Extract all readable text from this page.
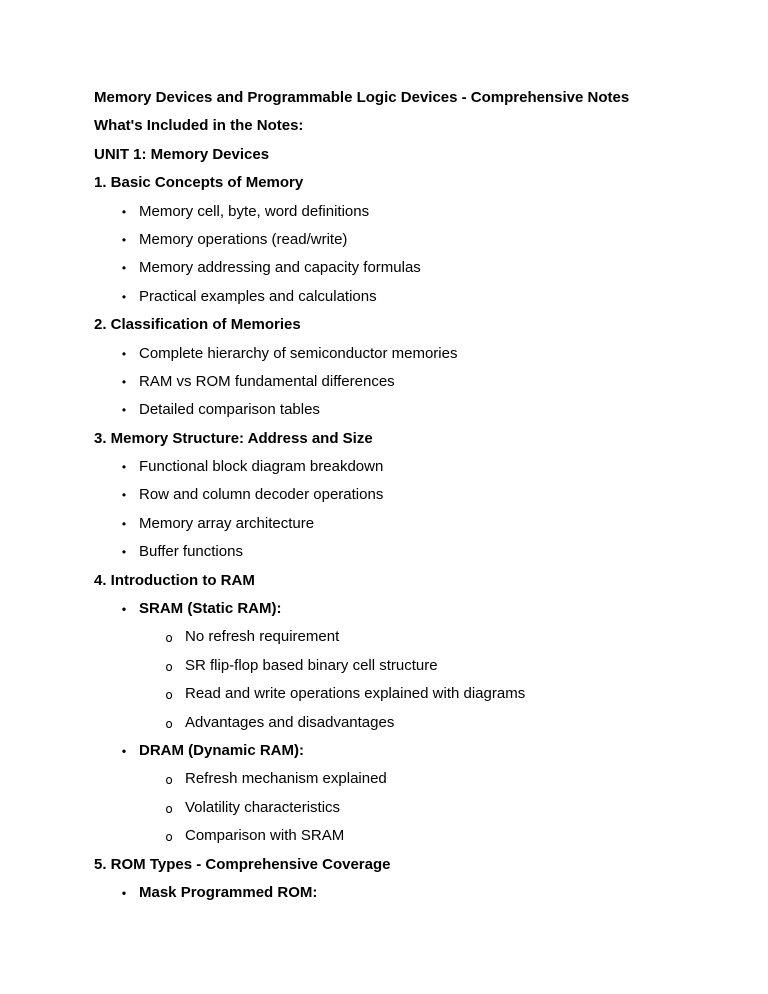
Memory Devices and Programmable Logic Devices - Comprehensive Notes
What's Included in the Notes:
UNIT 1: Memory Devices
1. Basic Concepts of Memory
• Memory cell, byte, word definitions
• Memory operations (read/write)
• Memory addressing and capacity formulas
• Practical examples and calculations
2. Classification of Memories
• Complete hierarchy of semiconductor memories
• RAM vs ROM fundamental differences
• Detailed comparison tables
3. Memory Structure: Address and Size
• Functional block diagram breakdown
• Row and column decoder operations
• Memory array architecture
• Buffer functions
4. Introduction to RAM
• SRAM (Static RAM):
o No refresh requirement
o SR flip-flop based binary cell structure
o Read and write operations explained with diagrams
o Advantages and disadvantages
• DRAM (Dynamic RAM):
o Refresh mechanism explained
o Volatility characteristics
o Comparison with SRAM
5. ROM Types - Comprehensive Coverage
• Mask Programmed ROM:
